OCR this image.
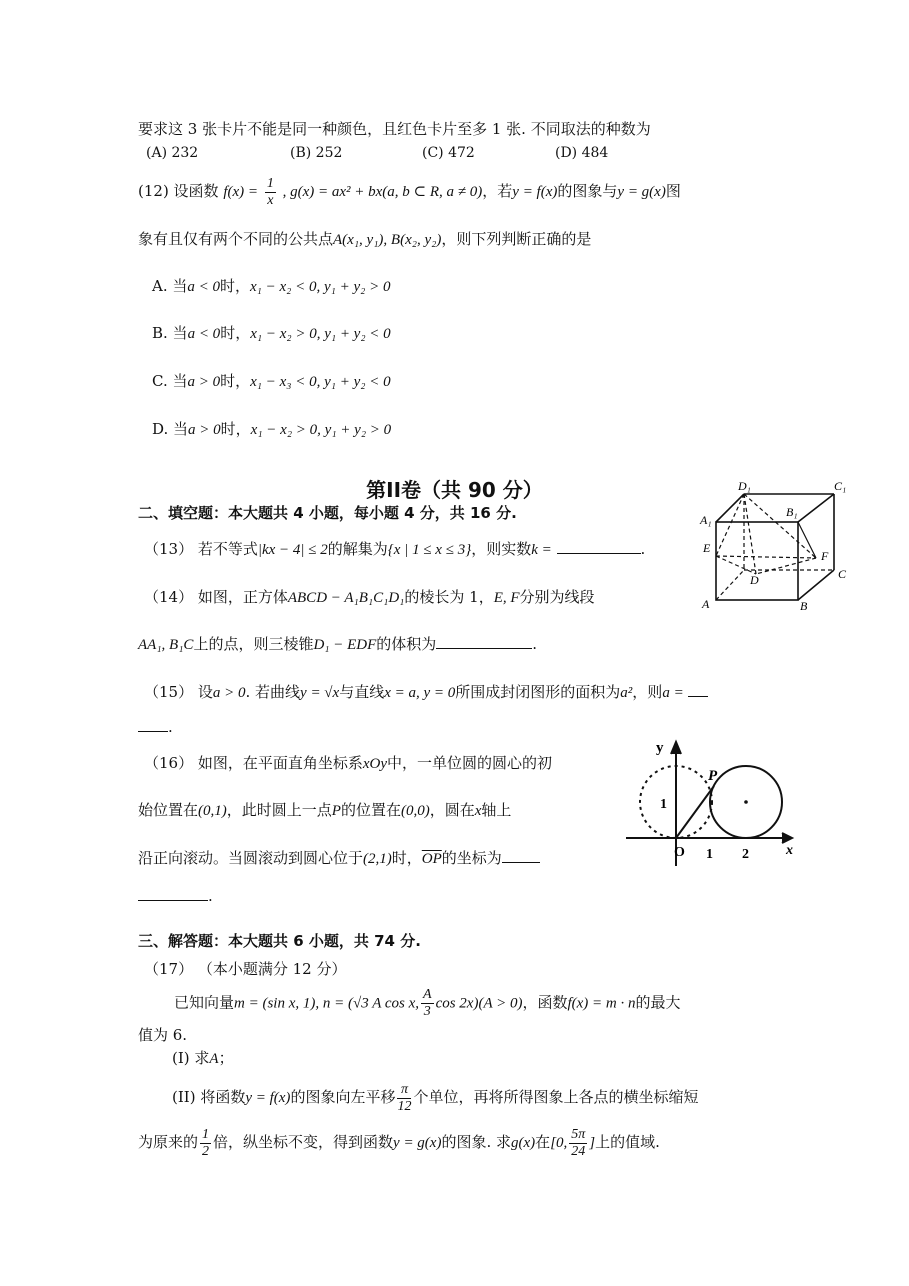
要求这 3 张卡片不能是同一种颜色，且红色卡片至多 1 张. 不同取法的种数为
(A) 232	(B) 252	(C) 472	(D) 484
(12) 设函数 $f(x) = \frac{1}{x}$ , g(x) = ax² + bx(a, b ⊂ R, a ≠ 0)，若y = f(x)的图象与y = g(x)图
象有且仅有两个不同的公共点A(x₁, y₁), B(x₂, y₂)，则下列判断正确的是
A. 当a < 0时，x₁ − x₂ < 0, y₁ + y₂ > 0
B. 当a < 0时，x₁ − x₂ > 0, y₁ + y₂ < 0
C. 当a > 0时，x₁ − x₃ < 0, y₁ + y₂ < 0
D. 当a > 0时，x₁ − x₂ > 0, y₁ + y₂ > 0
第II卷（共 90 分）
二、填空题：本大题共 4 小题，每小题 4 分，共 16 分.
（13） 若不等式|kx − 4| ≤ 2的解集为{x | 1 ≤ x ≤ 3}，则实数k =	.
（14） 如图，正方体ABCD − A₁B₁C₁D₁的棱长为 1，E, F分别为线段
AA₁, B₁C上的点，则三棱锥D₁ − EDF的体积为	.
（15） 设a > 0. 若曲线y = √x与直线x = a, y = 0所围成封闭图形的面积为a²，则a =
.
（16） 如图，在平面直角坐标系xOy中，一单位圆的圆心的初
始位置在(0,1)，此时圆上一点P的位置在(0,0)，圆在x轴上
沿正向滚动。当圆滚动到圆心位于(2,1)时，$\overline{OP}$的坐标为
.
三、解答题：本大题共 6 小题，共 74 分.
（17） （本小题满分 12 分）
已知向量m = (sin x, 1), n = (√3 A cos x, $\frac{A}{3}$ cos 2x)(A > 0)，函数f(x) = m · n的最大
值为 6.
(I) 求A；
(II) 将函数y = f(x)的图象向左平移 $\frac{\pi}{12}$ 个单位，再将所得图象上各点的横坐标缩短
为原来的 $\frac{1}{2}$ 倍，纵坐标不变，得到函数y = g(x)的图象. 求g(x)在[0, $\frac{5\pi}{24}$ ]上的值域.
D₁	C₁
A₁
B₁
E
F
D	C
A	B
y
P
1
O 1 2	x
